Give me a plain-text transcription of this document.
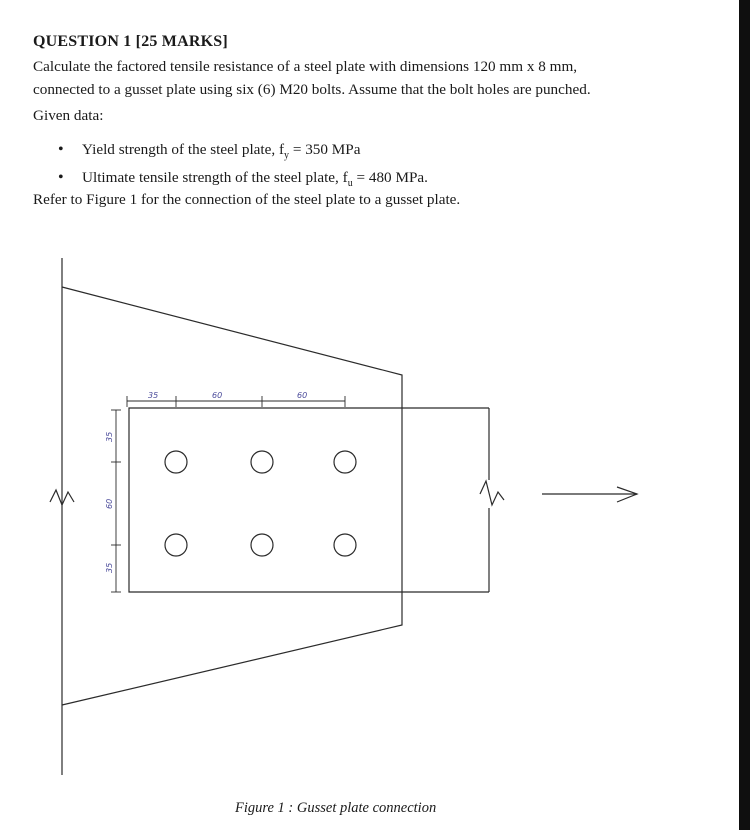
QUESTION 1 [25 MARKS]
Calculate the factored tensile resistance of a steel plate with dimensions 120 mm x 8 mm,
connected to a gusset plate using six (6) M20 bolts. Assume that the bolt holes are punched.
Given data:
• Yield strength of the steel plate, $f_y = 350$ MPa
• Ultimate tensile strength of the steel plate, $f_u = 480$ MPa.
Refer to Figure 1 for the connection of the steel plate to a gusset plate.
35	60	60
35
60
35
Figure 1 : Gusset plate connection
